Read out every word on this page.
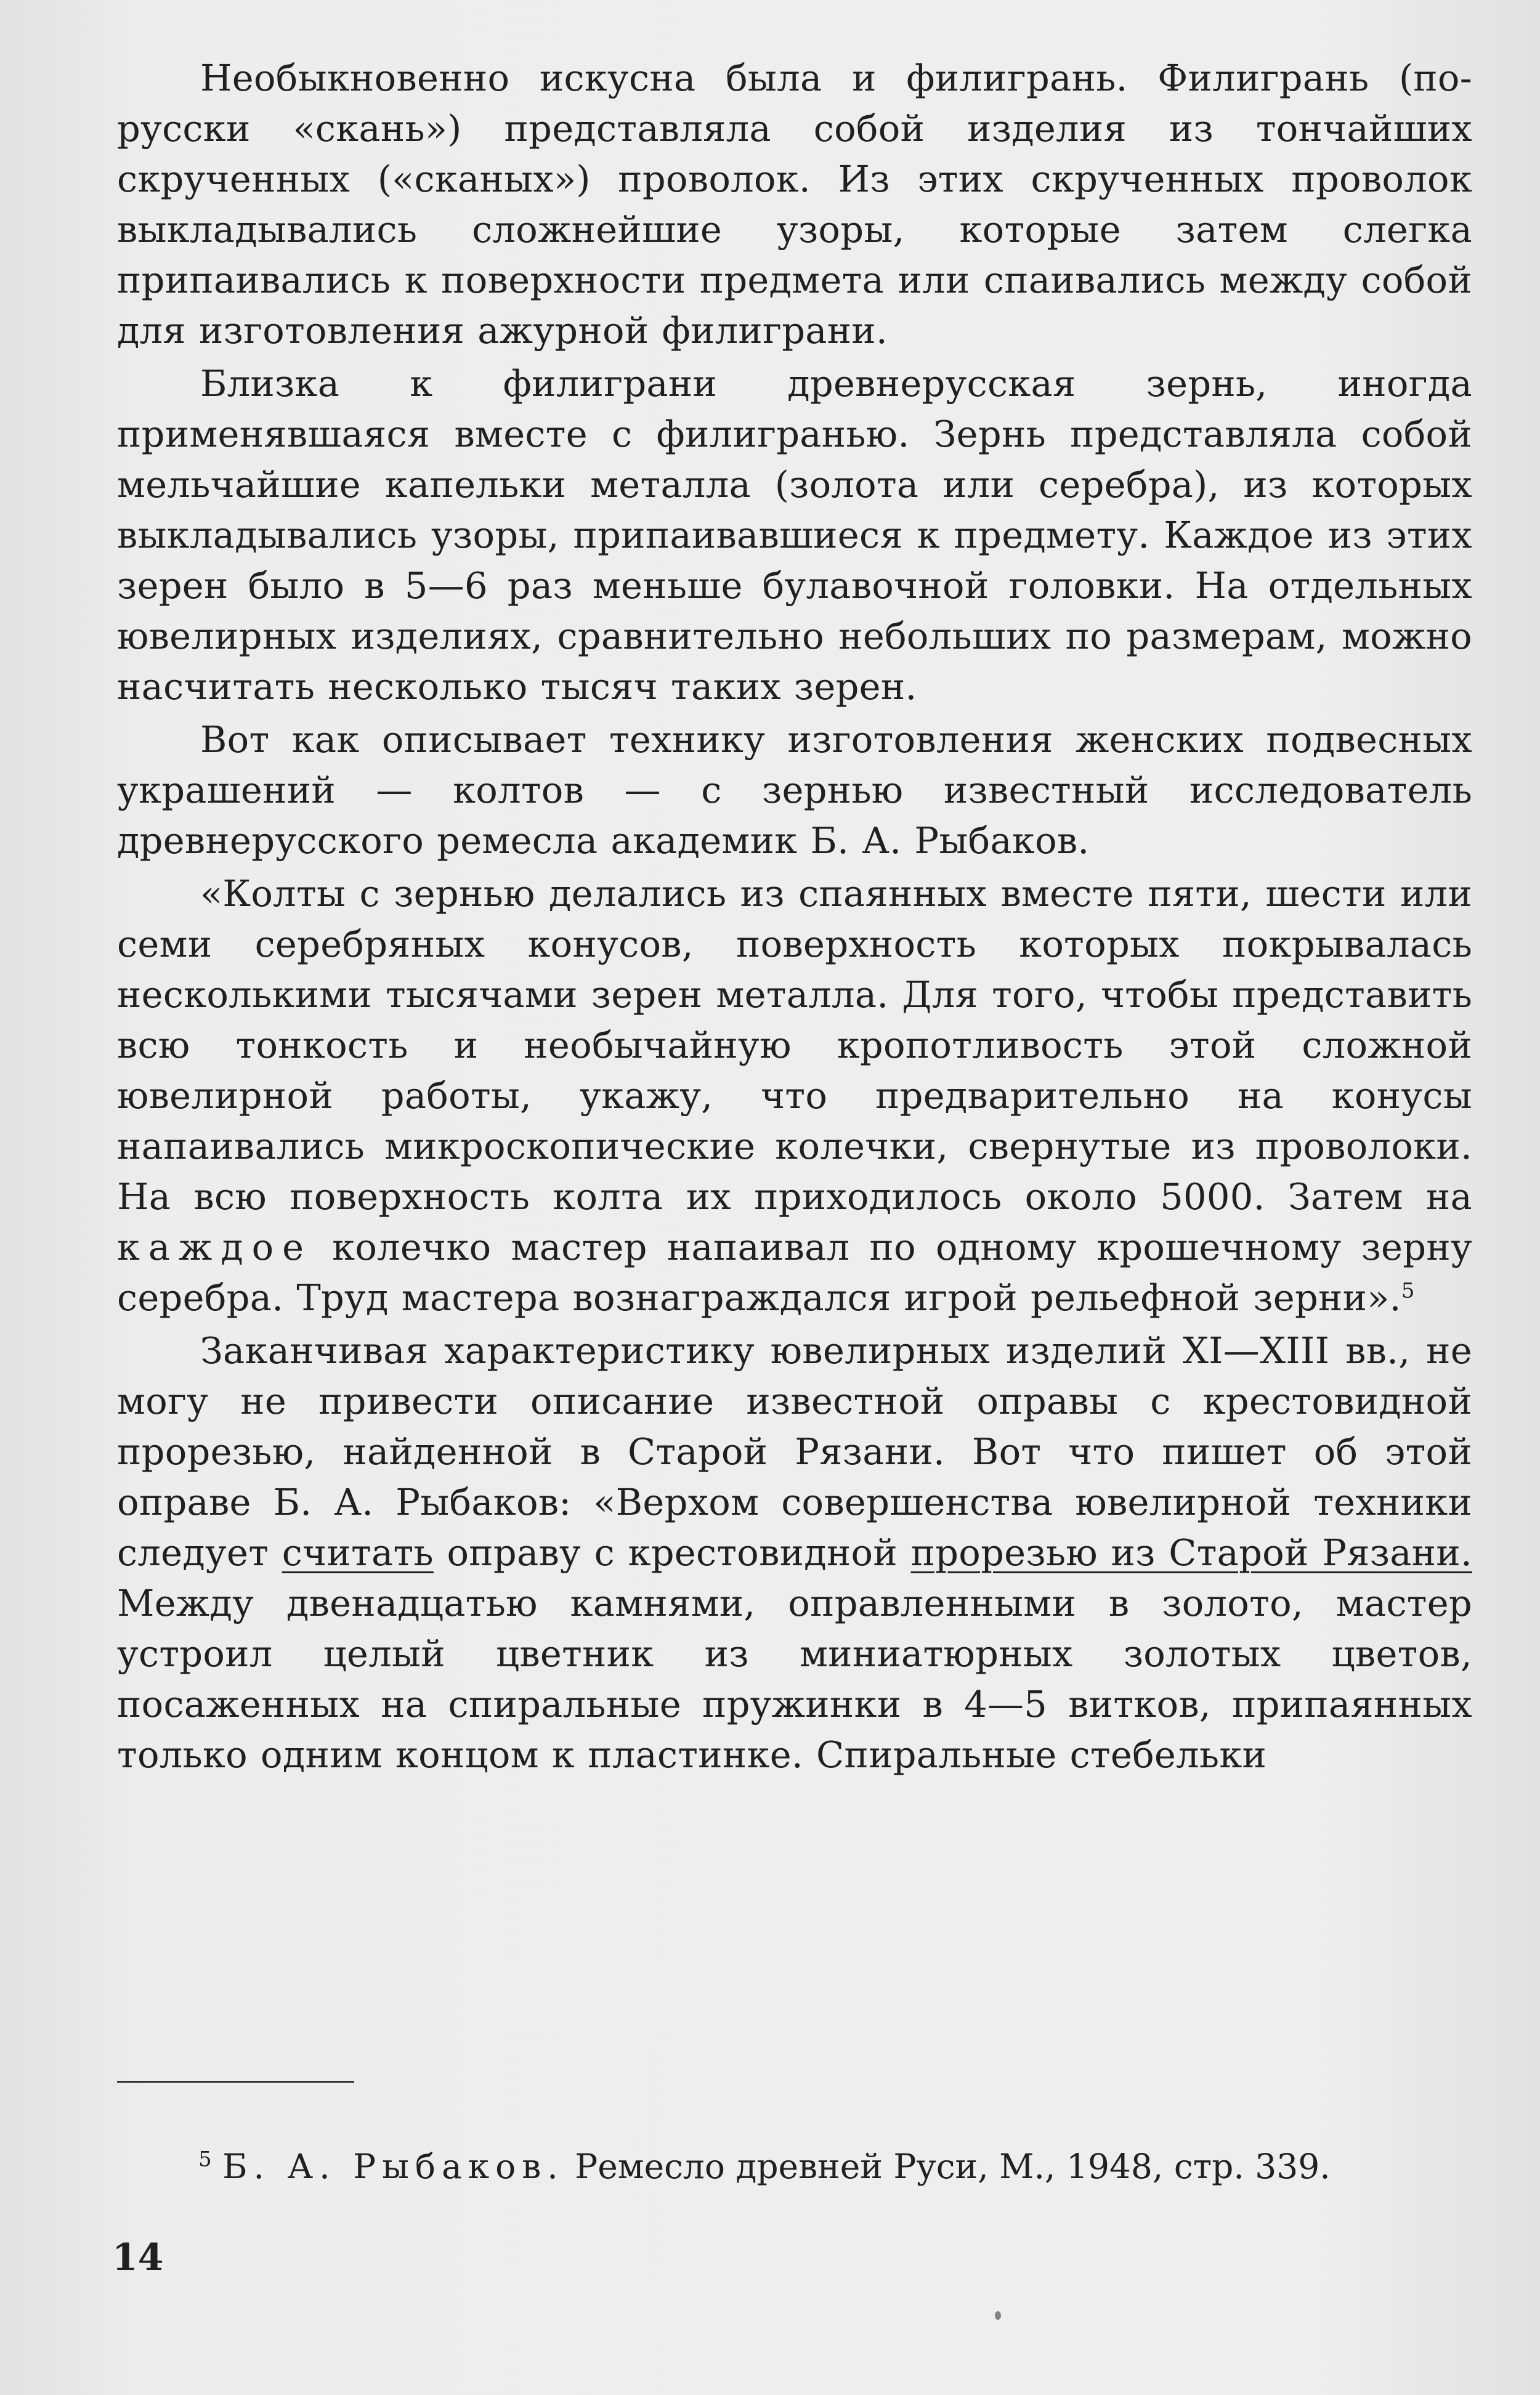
Необыкновенно искусна была и филигрань. Филигрань (по-русски «скань») представляла собой изделия из тончайших скрученных («сканых») проволок. Из этих скрученных проволок выкладывались сложнейшие узоры, которые затем слегка припаивались к поверхности предмета или спаивались между собой для изготовления ажурной филиграни.

Близка к филиграни древнерусская зернь, иногда применявшаяся вместе с филигранью. Зернь представляла собой мельчайшие капельки металла (золота или серебра), из которых выкладывались узоры, припаивавшиеся к предмету. Каждое из этих зерен было в 5—6 раз меньше булавочной головки. На отдельных ювелирных изделиях, сравнительно небольших по размерам, можно насчитать несколько тысяч таких зерен.

Вот как описывает технику изготовления женских подвесных украшений — колтов — с зернью известный исследователь древнерусского ремесла академик Б. А. Рыбаков.

«Колты с зернью делались из спаянных вместе пяти, шести или семи серебряных конусов, поверхность которых покрывалась несколькими тысячами зерен металла. Для того, чтобы представить всю тонкость и необычайную кропотливость этой сложной ювелирной работы, укажу, что предварительно на конусы напаивались микроскопические колечки, свернутые из проволоки. На всю поверхность колта их приходилось около 5000. Затем на каждое колечко мастер напаивал по одному крошечному зерну серебра. Труд мастера вознаграждался игрой рельефной зерни».$^5$

Заканчивая характеристику ювелирных изделий XI—XIII вв., не могу не привести описание известной оправы с крестовидной прорезью, найденной в Старой Рязани. Вот что пишет об этой оправе Б. А. Рыбаков: «Верхом совершенства ювелирной техники следует считать оправу с крестовидной прорезью из Старой Рязани. Между двенадцатью камнями, оправленными в золото, мастер устроил целый цветник из миниатюрных золотых цветов, посаженных на спиральные пружинки в 4—5 витков, припаянных только одним концом к пластинке. Спиральные стебельки

$^5$ Б. А. Рыбаков. Ремесло древней Руси, М., 1948, стр. 339.

14
